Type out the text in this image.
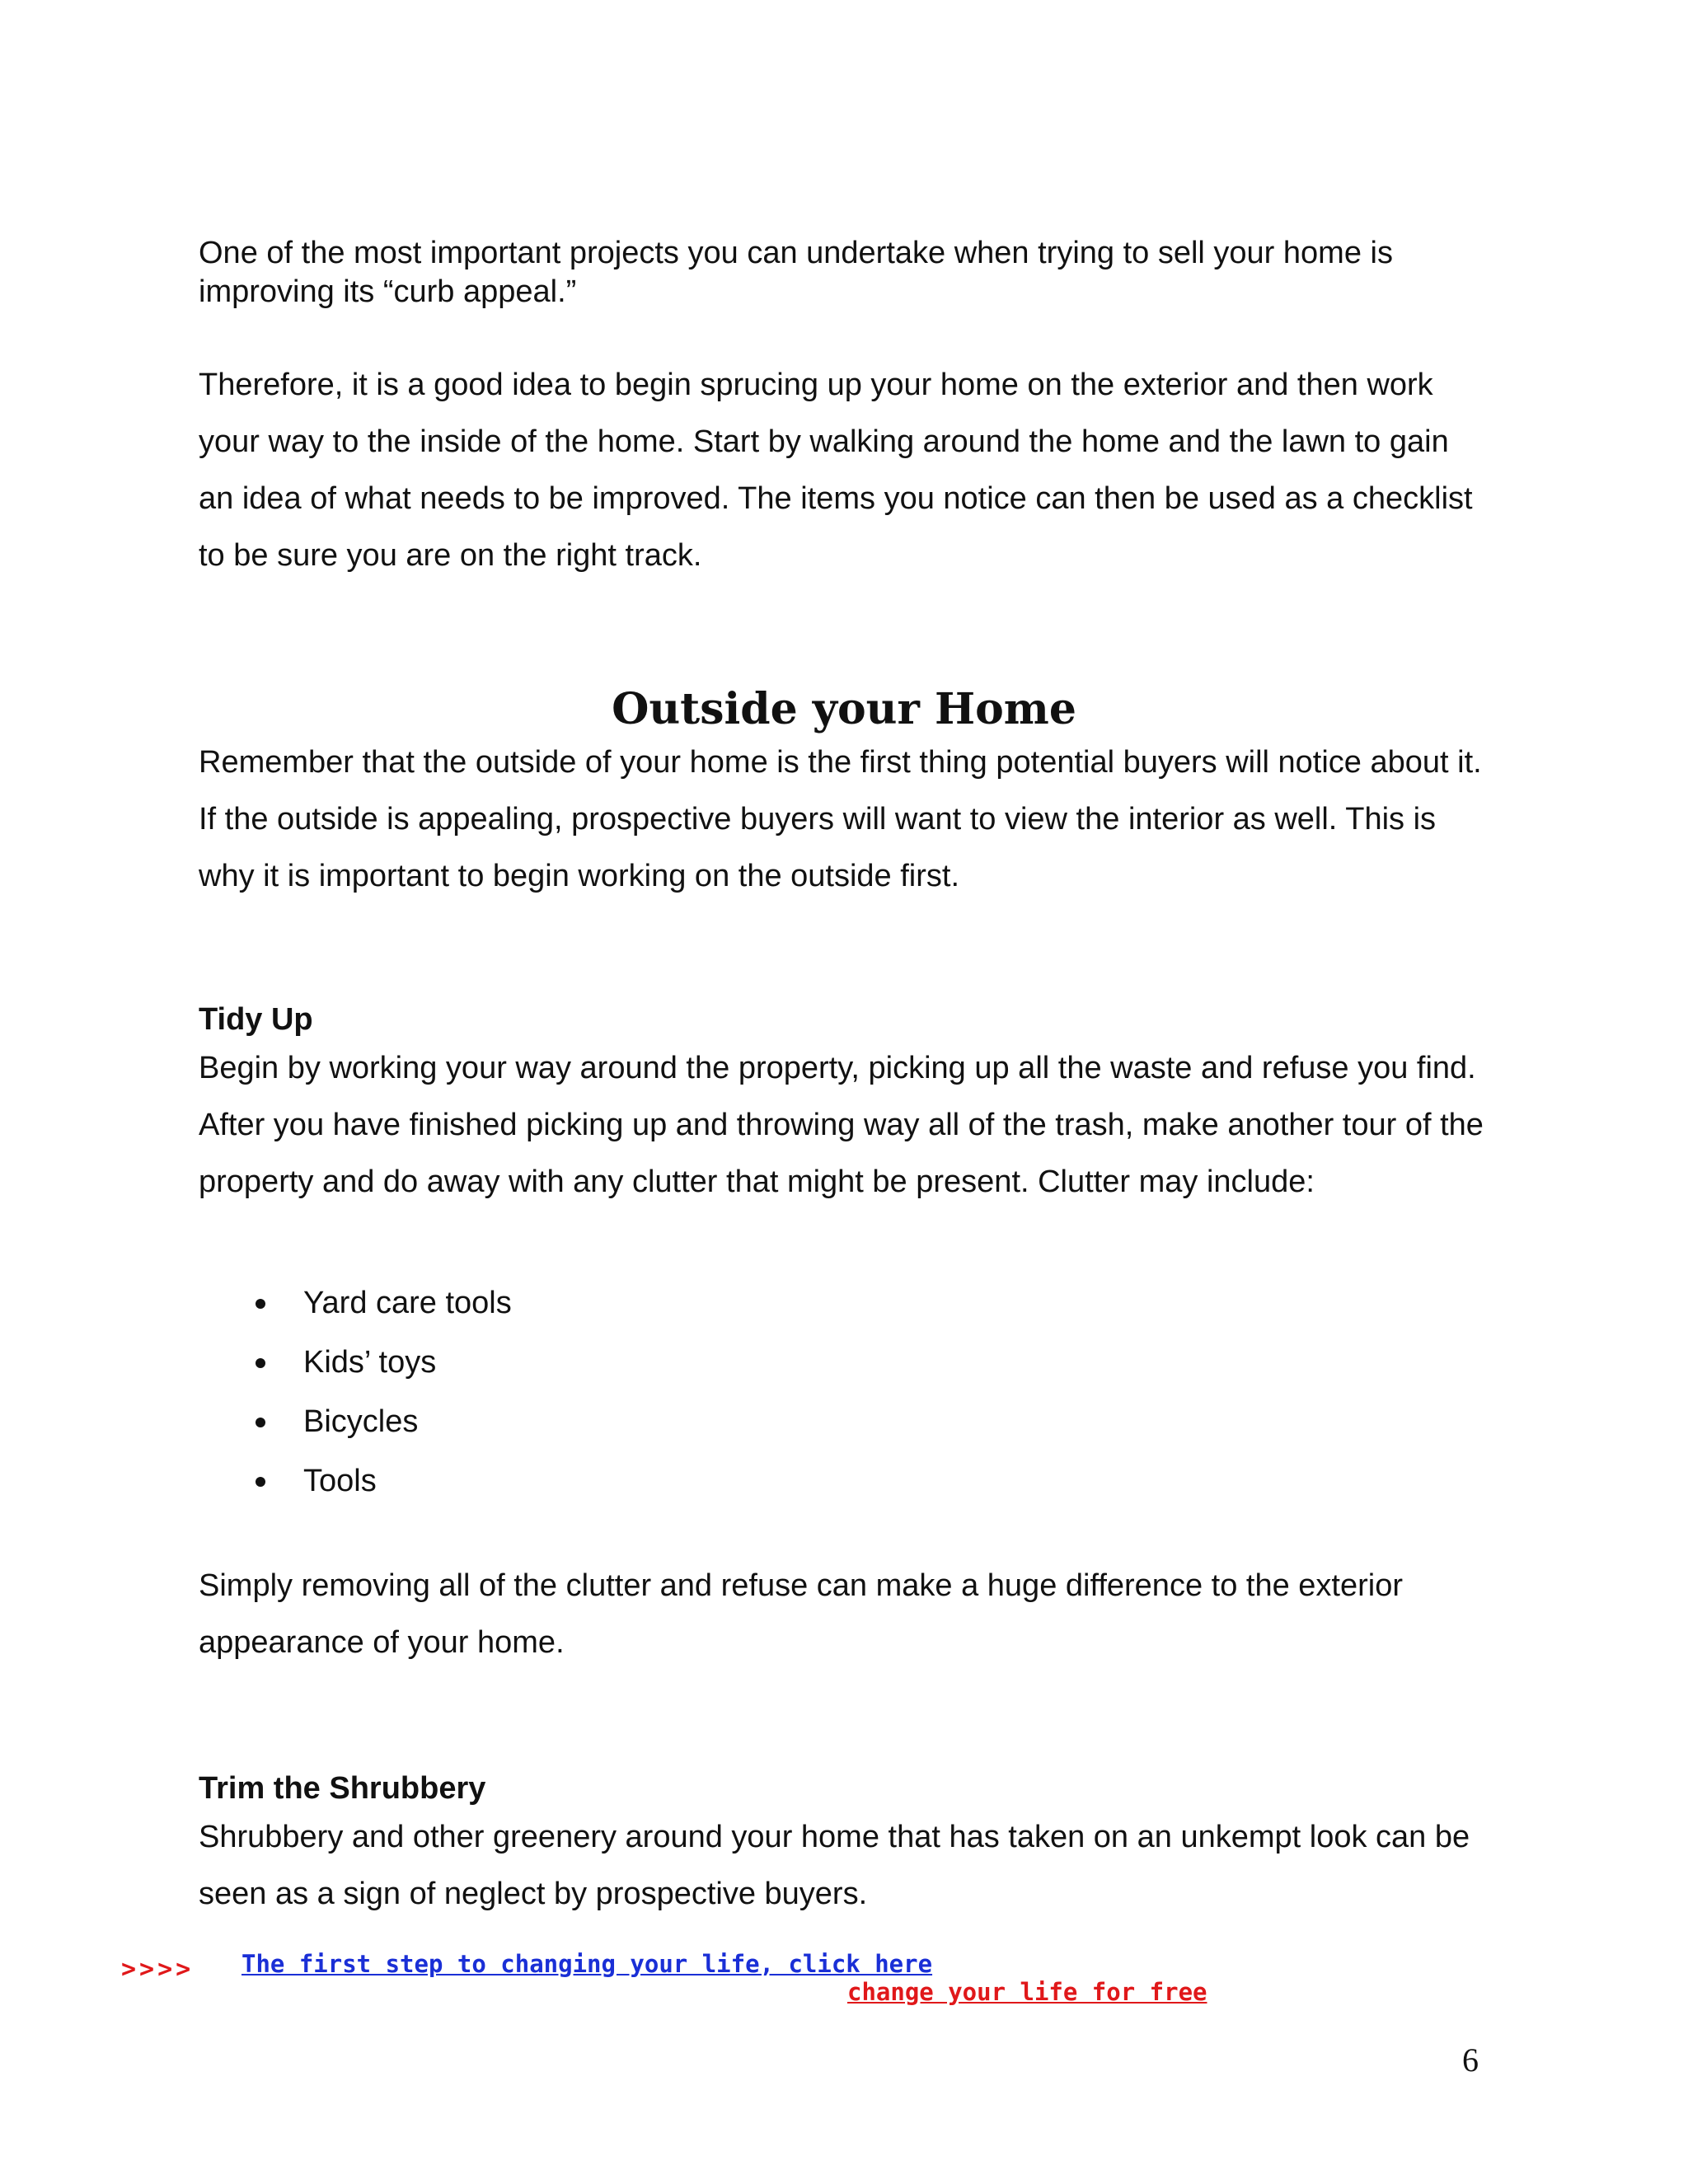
One of the most important projects you can undertake when trying to sell your home is improving its “curb appeal.”

Therefore, it is a good idea to begin sprucing up your home on the exterior and then work your way to the inside of the home. Start by walking around the home and the lawn to gain an idea of what needs to be improved. The items you notice can then be used as a checklist to be sure you are on the right track.

Outside your Home

Remember that the outside of your home is the first thing potential buyers will notice about it. If the outside is appealing, prospective buyers will want to view the interior as well. This is why it is important to begin working on the outside first.

Tidy Up

Begin by working your way around the property, picking up all the waste and refuse you find. After you have finished picking up and throwing way all of the trash, make another tour of the property and do away with any clutter that might be present. Clutter may include:

Yard care tools
Kids’ toys
Bicycles
Tools

Simply removing all of the clutter and refuse can make a huge difference to the exterior appearance of your home.

Trim the Shrubbery

Shrubbery and other greenery around your home that has taken on an unkempt look can be seen as a sign of neglect by prospective buyers.

>>>> The first step to changing your life, click here
change your life for free
6
